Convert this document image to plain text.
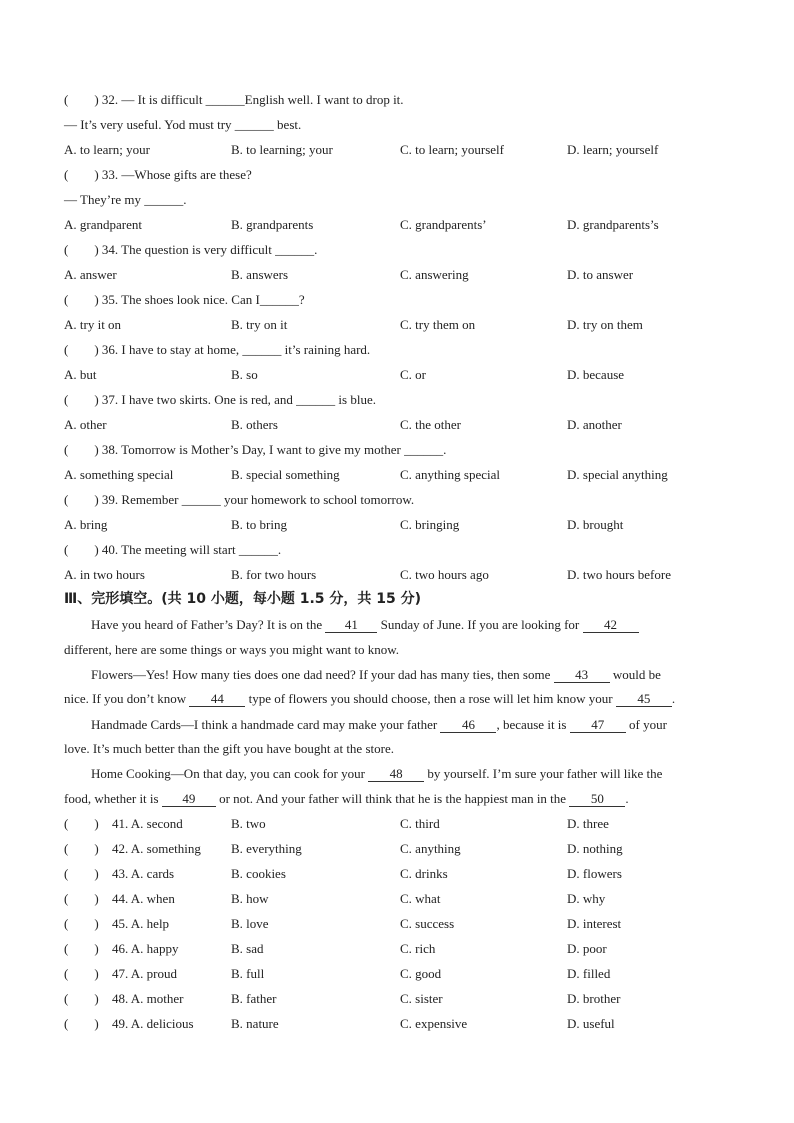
(　　) 32. — It is difficult ______English well. I want to drop it.
— It’s very useful. Yod must try ______ best.
A. to learn; your	B. to learning; your	C. to learn; yourself	D. learn; yourself
(　　) 33. —Whose gifts are these?
— They’re my ______.
A. grandparent	B. grandparents	C. grandparents’	D. grandparents’s
(　　) 34. The question is very difficult ______.
A. answer	B. answers	C. answering	D. to answer
(　　) 35. The shoes look nice. Can I______?
A. try it on	B. try on it	C. try them on	D. try on them
(　　) 36. I have to stay at home, ______ it’s raining hard.
A. but	B. so	C. or	D. because
(　　) 37. I have two skirts. One is red, and ______ is blue.
A. other	B. others	C. the other	D. another
(　　) 38. Tomorrow is Mother’s Day, I want to give my mother ______.
A. something special	B. special something	C. anything special	D. special anything
(　　) 39. Remember ______ your homework to school tomorrow.
A. bring	B. to bring	C. bringing	D. brought
(　　) 40. The meeting will start ______.
A. in two hours	B. for two hours	C. two hours ago	D. two hours before
Ⅲ、完形填空。(共 10 小题，每小题 1.5 分，共 15 分)
Have you heard of Father’s Day? It is on the 41 Sunday of June. If you are looking for 42
different, here are some things or ways you might want to know.
Flowers—Yes! How many ties does one dad need? If your dad has many ties, then some 43 would be
nice. If you don’t know 44 type of flowers you should choose, then a rose will let him know your 45 .
Handmade Cards—I think a handmade card may make your father 46 , because it is 47 of your
love. It’s much better than the gift you have bought at the store.
Home Cooking—On that day, you can cook for your 48 by yourself. I’m sure your father will like the
food, whether it is 49 or not. And your father will think that he is the happiest man in the 50 .
(　　) 41. A. second	B. two	C. third	D. three
(　　) 42. A. something B. everything	C. anything	D. nothing
(　　) 43. A. cards	B. cookies	C. drinks	D. flowers
(　　) 44. A. when	B. how	C. what	D. why
(　　) 45. A. help	B. love	C. success	D. interest
(　　) 46. A. happy	B. sad	C. rich	D. poor
(　　) 47. A. proud	B. full	C. good	D. filled
(　　) 48. A. mother	B. father	C. sister	D. brother
(　　) 49. A. delicious	B. nature	C. expensive	D. useful
